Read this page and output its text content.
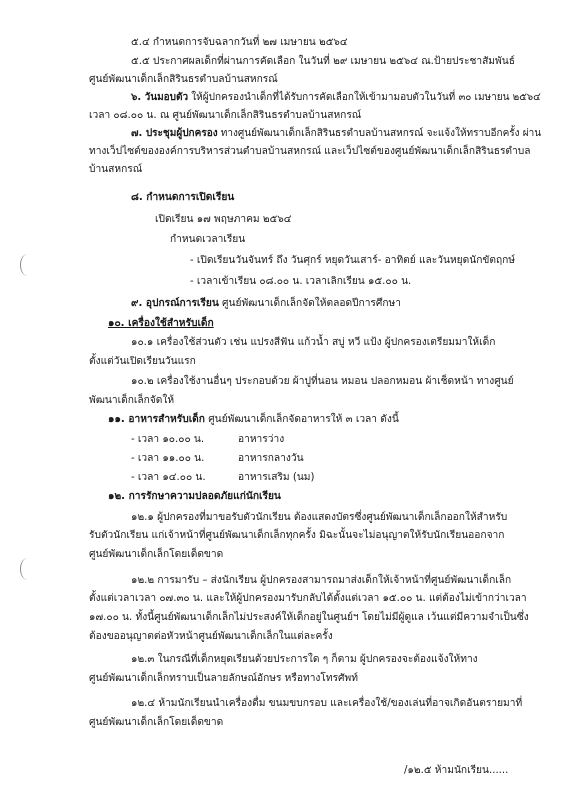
๕.๔ กำหนดการจับฉลากวันที่ ๒๗ เมษายน ๒๕๖๔
๕.๕ ประกาศผลเด็กที่ผ่านการคัดเลือก ในวันที่ ๒๙ เมษายน ๒๕๖๔ ณ.ป้ายประชาสัมพันธ์
ศูนย์พัฒนาเด็กเล็กสิรินธรตำบลบ้านสหกรณ์
๖. วันมอบตัว ให้ผู้ปกครองนำเด็กที่ได้รับการคัดเลือกให้เข้ามามอบตัวในวันที่ ๓๐ เมษายน ๒๕๖๔
เวลา ๐๘.๐๐ น. ณ ศูนย์พัฒนาเด็กเล็กสิรินธรตำบลบ้านสหกรณ์
๗. ประชุมผู้ปกครอง ทางศูนย์พัฒนาเด็กเล็กสิรินธรตำบลบ้านสหกรณ์ จะแจ้งให้ทราบอีกครั้ง ผ่าน
ทางเว็ปไซต์ขององค์การบริหารส่วนตำบลบ้านสหกรณ์ และเว็ปไซต์ของศูนย์พัฒนาเด็กเล็กสิรินธรตำบล
บ้านสหกรณ์
๘. กำหนดการเปิดเรียน
เปิดเรียน ๑๗ พฤษภาคม ๒๕๖๔
กำหนดเวลาเรียน
- เปิดเรียนวันจันทร์ ถึง วันศุกร์ หยุดวันเสาร์- อาทิตย์ และวันหยุดนักขัตฤกษ์
- เวลาเข้าเรียน ๐๘.๐๐ น. เวลาเลิกเรียน ๑๕.๐๐ น.
๙. อุปกรณ์การเรียน ศูนย์พัฒนาเด็กเล็กจัดให้ตลอดปีการศึกษา
๑๐. เครื่องใช้สำหรับเด็ก
๑๐.๑ เครื่องใช้ส่วนตัว เช่น แปรงสีฟัน แก้วน้ำ สบู่ หวี แป้ง ผู้ปกครองเตรียมมาให้เด็ก
ตั้งแต่วันเปิดเรียนวันแรก
๑๐.๒ เครื่องใช้งานอื่นๆ ประกอบด้วย ผ้าปูที่นอน หมอน ปลอกหมอน ผ้าเช็ดหน้า ทางศูนย์
พัฒนาเด็กเล็กจัดให้
๑๑. อาหารสำหรับเด็ก ศูนย์พัฒนาเด็กเล็กจัดอาหารให้ ๓ เวลา ดังนี้
- เวลา ๑๐.๐๐ น.	อาหารว่าง
- เวลา ๑๑.๐๐ น.	อาหารกลางวัน
- เวลา ๑๔.๐๐ น.	อาหารเสริม (นม)
๑๒. การรักษาความปลอดภัยแก่นักเรียน
๑๒.๑ ผู้ปกครองที่มาขอรับตัวนักเรียน ต้องแสดงบัตรซึ่งศูนย์พัฒนาเด็กเล็กออกให้สำหรับ
รับตัวนักเรียน แก่เจ้าหน้าที่ศูนย์พัฒนาเด็กเล็กทุกครั้ง มิฉะนั้นจะไม่อนุญาตให้รับนักเรียนออกจาก
ศูนย์พัฒนาเด็กเล็กโดยเด็ดขาด
๑๒.๒ การมารับ – ส่งนักเรียน ผู้ปกครองสามารถมาส่งเด็กให้เจ้าหน้าที่ศูนย์พัฒนาเด็กเล็ก
ตั้งแต่เวลาเวลา ๐๗.๓๐ น. และให้ผู้ปกครองมารับกลับได้ตั้งแต่เวลา ๑๕.๐๐ น. แต่ต้องไม่เข้ากว่าเวลา
๑๗.๐๐ น. ทั้งนี้ศูนย์พัฒนาเด็กเล็กไม่ประสงค์ให้เด็กอยู่ในศูนย์ฯ โดยไม่มีผู้ดูแล เว้นแต่มีความจำเป็นซึ่ง
ต้องขออนุญาตต่อหัวหน้าศูนย์พัฒนาเด็กเล็กในแต่ละครั้ง
๑๒.๓ ในกรณีที่เด็กหยุดเรียนด้วยประการใด ๆ ก็ตาม ผู้ปกครองจะต้องแจ้งให้ทาง
ศูนย์พัฒนาเด็กเล็กทราบเป็นลายลักษณ์อักษร หรือทางโทรศัพท์
๑๒.๔ ห้ามนักเรียนนำเครื่องดื่ม ขนมขบกรอบ และเครื่องใช้/ของเล่นที่อาจเกิดอันตรายมาที่
ศูนย์พัฒนาเด็กเล็กโดยเด็ดขาด
/๑๒.๕ ห้ามนักเรียน......
